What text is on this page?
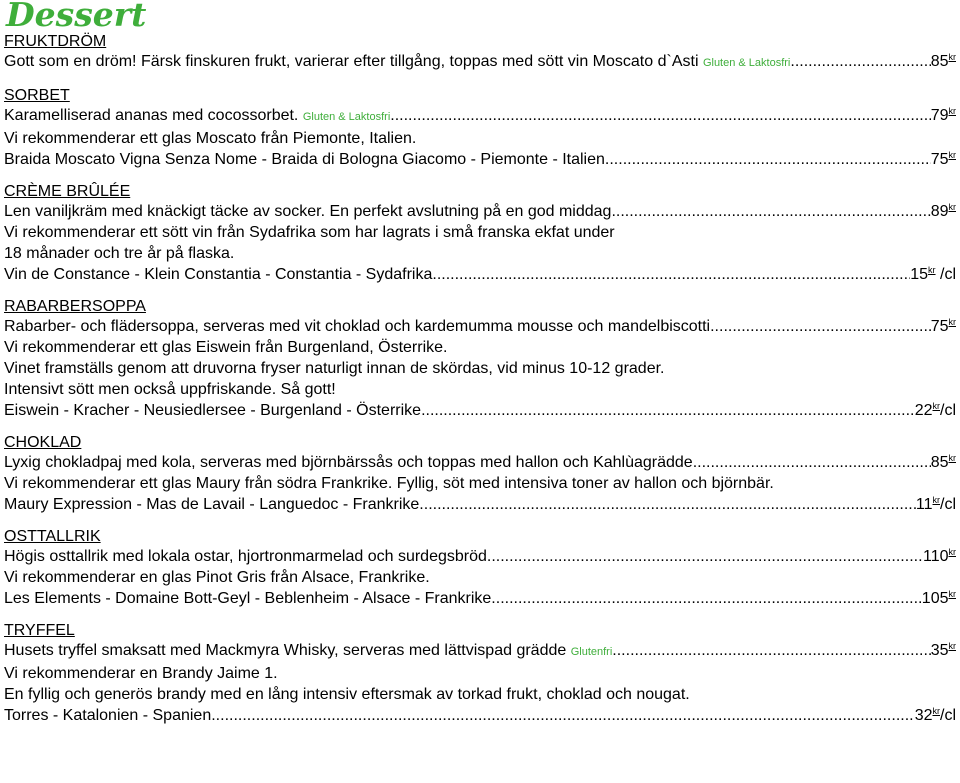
Dessert
FRUKTDRÖM
Gott som en dröm! Färsk finskuren frukt, varierar efter tillgång, toppas med sött vin Moscato d`Asti Gluten & Laktosfri .....	$85^{kr}$
SORBET
Karamelliserad ananas med cocossorbet. Gluten & Laktosfri .....	$79^{kr}$
Vi rekommenderar ett glas Moscato från Piemonte, Italien.
Braida Moscato Vigna Senza Nome - Braida di Bologna Giacomo - Piemonte - Italien .....	$75^{kr}$
CRÈME BRÛLÉE
Len vaniljkräm med knäckigt täcke av socker. En perfekt avslutning på en god middag .....	$89^{kr}$
Vi rekommenderar ett sött vin från Sydafrika som har lagrats i små franska ekfat under
18 månader och tre år på flaska.
Vin de Constance - Klein Constantia - Constantia - Sydafrika .....	$15^{kr}$ /cl
RABARBERSOPPA
Rabarber- och flädersoppa, serveras med vit choklad och kardemumma mousse och mandelbiscotti .....	$75^{kr}$
Vi rekommenderar ett glas Eiswein från Burgenland, Österrike.
Vinet framställs genom att druvorna fryser naturligt innan de skördas, vid minus 10-12 grader.
Intensivt sött men också uppfriskande. Så gott!
Eiswein - Kracher - Neusiedlersee - Burgenland - Österrike .....	$22^{kr}/cl$
CHOKLAD
Lyxig chokladpaj med kola, serveras med björnbärssås och toppas med hallon och Kahlùagrädde .....	$85^{kr}$
Vi rekommenderar ett glas Maury från södra Frankrike. Fyllig, söt med intensiva toner av hallon och björnbär.
Maury Expression - Mas de Lavail - Languedoc - Frankrike .....	$11^{kr}/cl$
OSTTALLRIK
Högis osttallrik med lokala ostar, hjortronmarmelad och surdegsbröd .....	$110^{kr}$
Vi rekommenderar en glas Pinot Gris från Alsace, Frankrike.
Les Elements - Domaine Bott-Geyl - Beblenheim - Alsace - Frankrike .....	$105^{kr}$
TRYFFEL
Husets tryffel smaksatt med Mackmyra Whisky, serveras med lättvispad grädde Glutenfri .....	$35^{kr}$
Vi rekommenderar en Brandy Jaime 1.
En fyllig och generös brandy med en lång intensiv eftersmak av torkad frukt, choklad och nougat.
Torres - Katalonien - Spanien .....	$32^{kr}/cl$
